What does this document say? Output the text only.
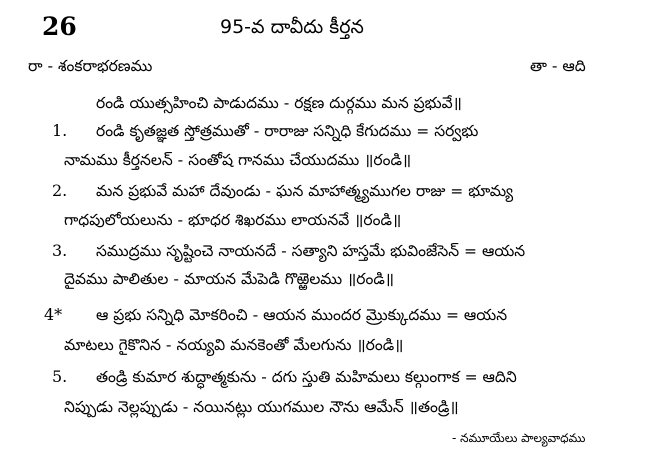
26	95-వ దావీదు కీర్తన
రా - శంకరాభరణము	తా - ఆది
రండి యుత్సహించి పాడుదము - రక్షణ దుర్గము మన ప్రభువే॥
1. రండి కృతజ్ఞత స్తోత్రముతో - రారాజు సన్నిధి కేగుదము = సర్వభు
నామము కీర్తనలన్ - సంతోష గానము చేయుదము ॥రండి॥
2. మన ప్రభువే మహా దేవుండు - ఘన మాహాత్మ్యముగల రాజు = భూమ్య
గాధపులోయలును - భూధర శిఖరము లాయనవే ॥రండి॥
3. సముద్రము సృష్టించె నాయనదే - సత్యాని హస్తమే భువింజేసెన్ = ఆయన
దైవము పాలితుల - మాయన మేపెడి గొఱ్ఱెలము ॥రండి॥
4* ఆ ప్రభు సన్నిధి మోకరించి - ఆయన ముందర మ్రొక్కుదము = ఆయన
మాటలు గైకొనిన - నయ్యవి మనకెంతో మేలగును ॥రండి॥
5. తండ్రి కుమార శుద్ధాత్మకును - దగు స్తుతి మహిమలు కల్గుంగాక = ఆదిని
నిప్పుడు నెల్లప్పుడు - నయినట్లు యుగముల నౌను ఆమేన్ ॥తండ్రి॥
- నమూయేలు పాల్యవాధము
